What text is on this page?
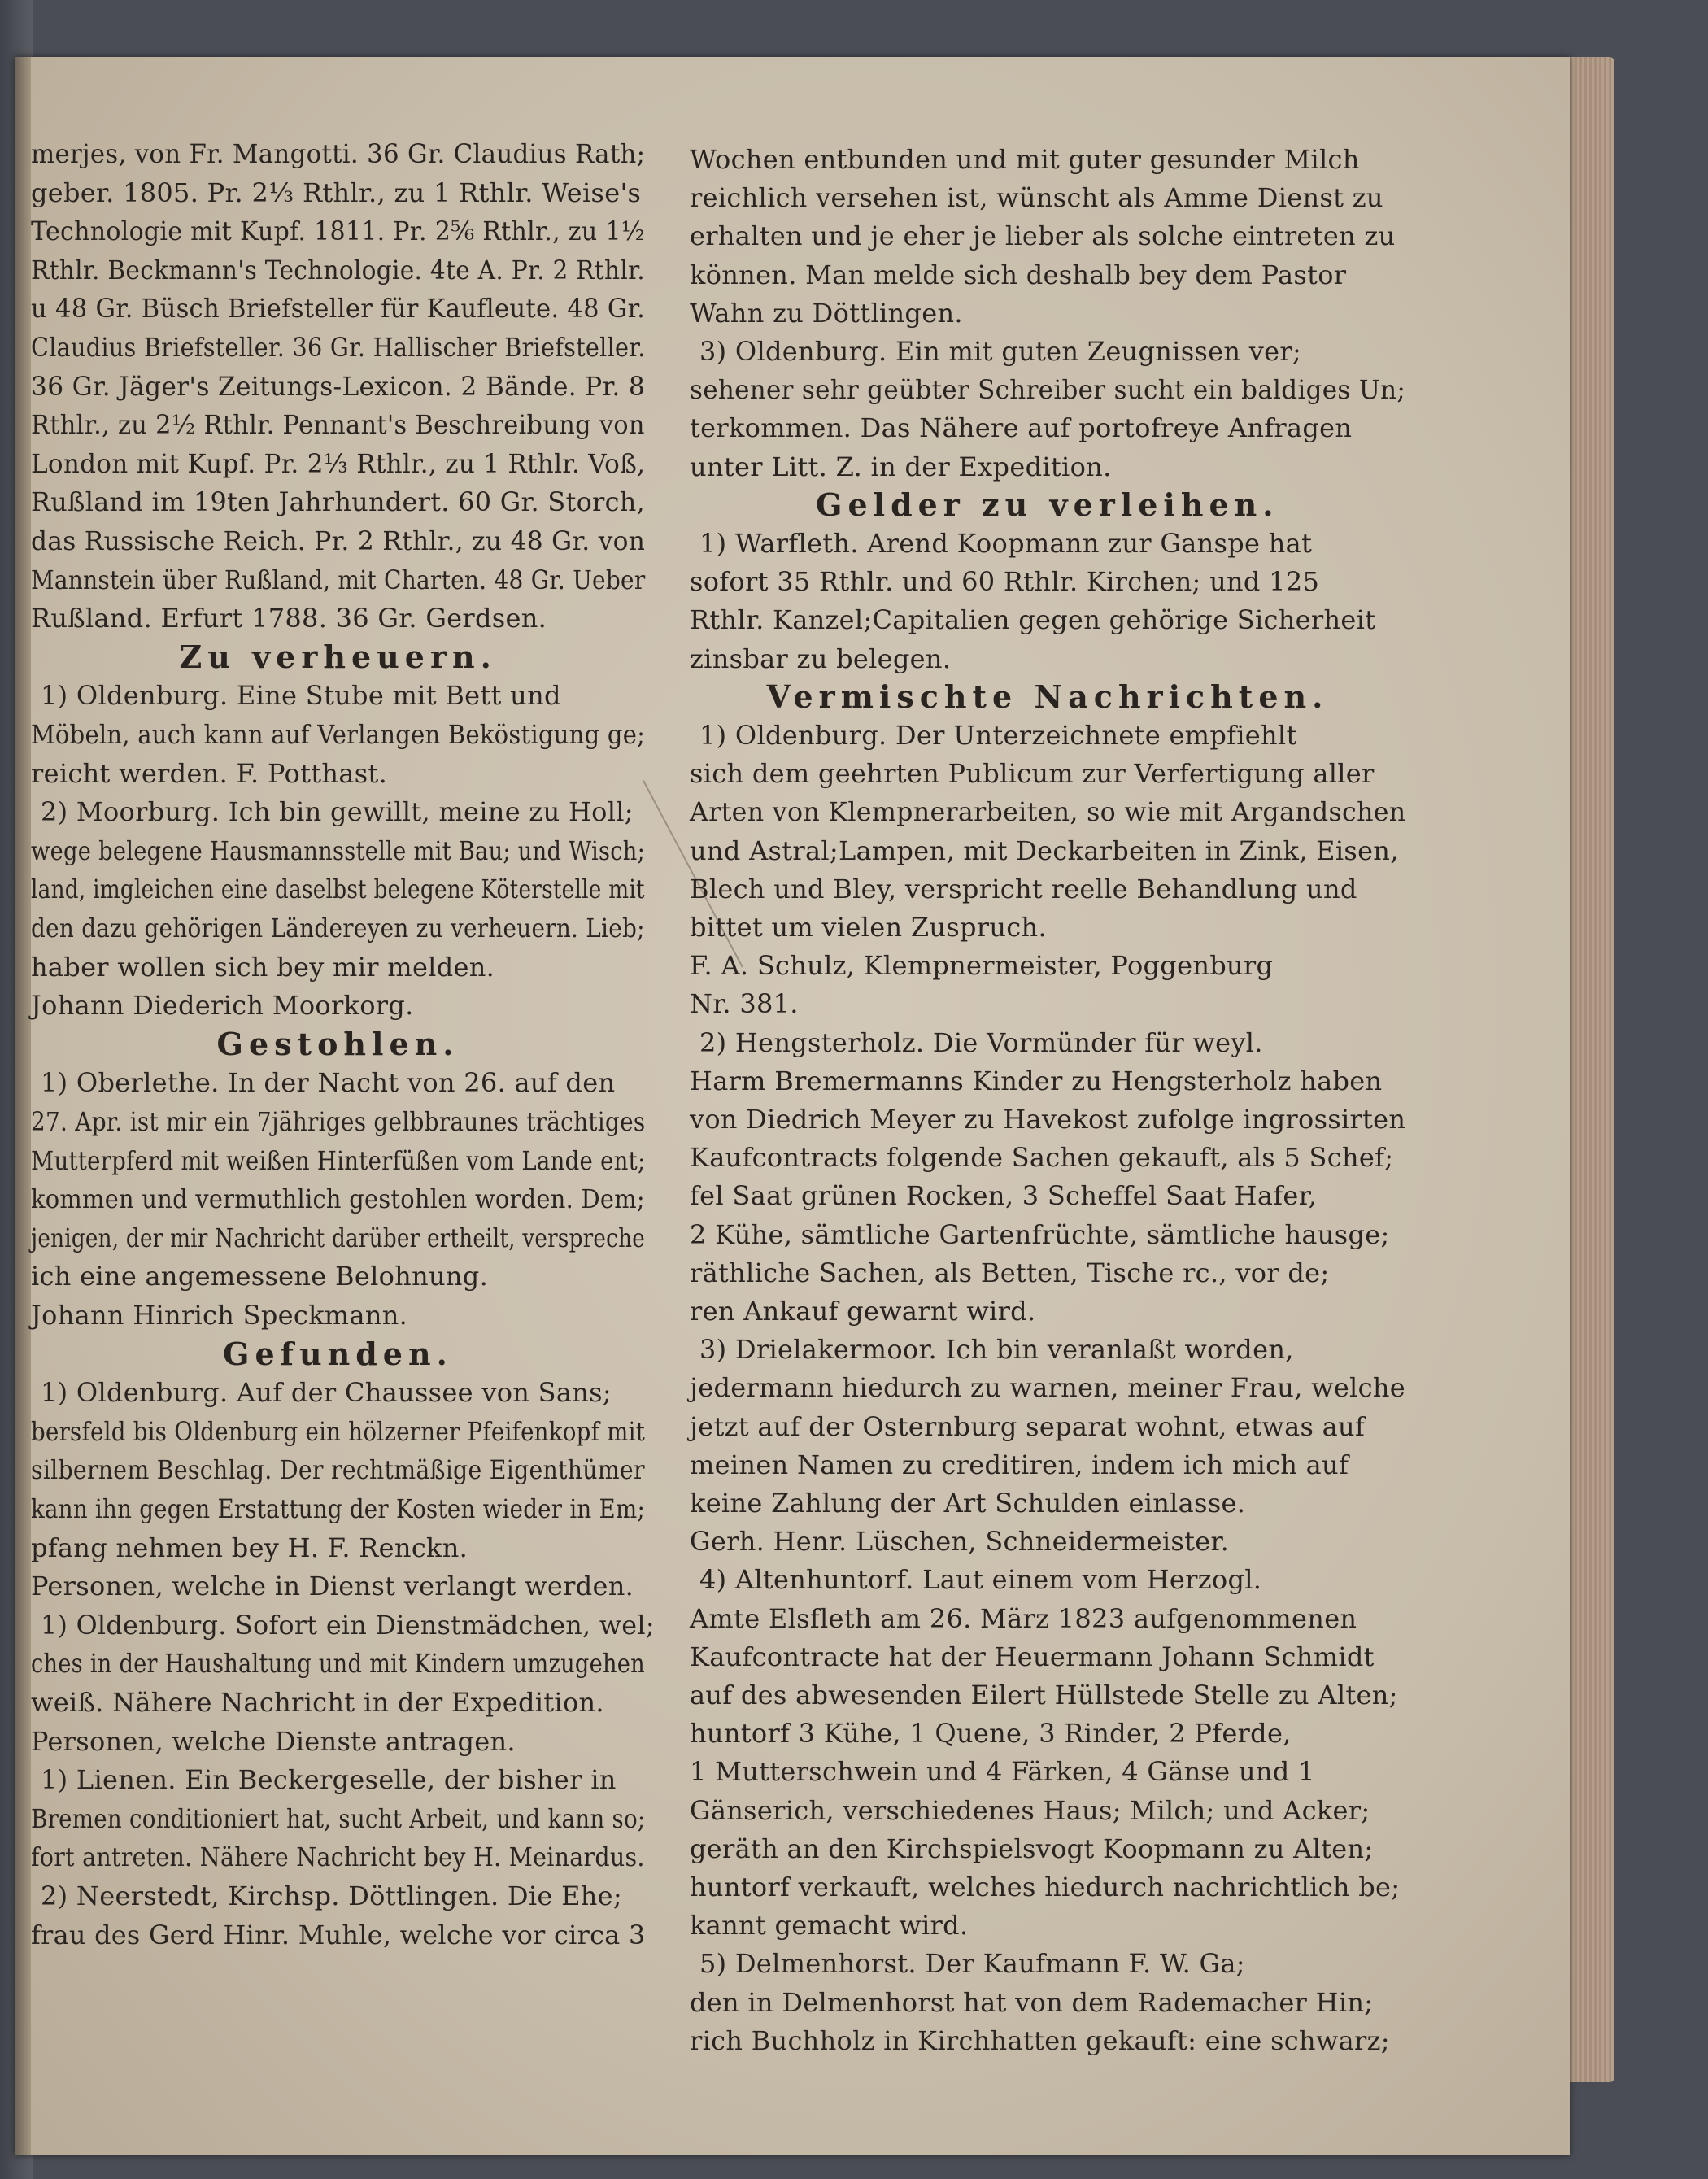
merjes, von Fr. Mangotti. 36 Gr. Claudius Rath;
geber. 1805. Pr. 2⅓ Rthlr., zu 1 Rthlr. Weise's
Technologie mit Kupf. 1811. Pr. 2⅚ Rthlr., zu 1½
Rthlr. Beckmann's Technologie. 4te A. Pr. 2 Rthlr.
u 48 Gr. Büsch Briefsteller für Kaufleute. 48 Gr.
Claudius Briefsteller. 36 Gr. Hallischer Briefsteller.
36 Gr. Jäger's Zeitungs-Lexicon. 2 Bände. Pr. 8
Rthlr., zu 2½ Rthlr. Pennant's Beschreibung von
London mit Kupf. Pr. 2⅓ Rthlr., zu 1 Rthlr. Voß,
Rußland im 19ten Jahrhundert. 60 Gr. Storch,
das Russische Reich. Pr. 2 Rthlr., zu 48 Gr. von
Mannstein über Rußland, mit Charten. 48 Gr. Ueber
Rußland. Erfurt 1788. 36 Gr. Gerdsen.
Zu verheuern.
1) Oldenburg. Eine Stube mit Bett und
Möbeln, auch kann auf Verlangen Beköstigung ge;
reicht werden. F. Potthast.
2) Moorburg. Ich bin gewillt, meine zu Holl;
wege belegene Hausmannsstelle mit Bau; und Wisch;
land, imgleichen eine daselbst belegene Köterstelle mit
den dazu gehörigen Ländereyen zu verheuern. Lieb;
haber wollen sich bey mir melden.
Johann Diederich Moorkorg.
Gestohlen.
1) Oberlethe. In der Nacht von 26. auf den
27. Apr. ist mir ein 7jähriges gelbbraunes trächtiges
Mutterpferd mit weißen Hinterfüßen vom Lande ent;
kommen und vermuthlich gestohlen worden. Dem;
jenigen, der mir Nachricht darüber ertheilt, verspreche
ich eine angemessene Belohnung.
Johann Hinrich Speckmann.
Gefunden.
1) Oldenburg. Auf der Chaussee von Sans;
bersfeld bis Oldenburg ein hölzerner Pfeifenkopf mit
silbernem Beschlag. Der rechtmäßige Eigenthümer
kann ihn gegen Erstattung der Kosten wieder in Em;
pfang nehmen bey H. F. Renckn.
Personen, welche in Dienst verlangt werden.
1) Oldenburg. Sofort ein Dienstmädchen, wel;
ches in der Haushaltung und mit Kindern umzugehen
weiß. Nähere Nachricht in der Expedition.
Personen, welche Dienste antragen.
1) Lienen. Ein Beckergeselle, der bisher in
Bremen conditioniert hat, sucht Arbeit, und kann so;
fort antreten. Nähere Nachricht bey H. Meinardus.
2) Neerstedt, Kirchsp. Döttlingen. Die Ehe;
frau des Gerd Hinr. Muhle, welche vor circa 3
Wochen entbunden und mit guter gesunder Milch
reichlich versehen ist, wünscht als Amme Dienst zu
erhalten und je eher je lieber als solche eintreten zu
können. Man melde sich deshalb bey dem Pastor
Wahn zu Döttlingen.
3) Oldenburg. Ein mit guten Zeugnissen ver;
sehener sehr geübter Schreiber sucht ein baldiges Un;
terkommen. Das Nähere auf portofreye Anfragen
unter Litt. Z. in der Expedition.
Gelder zu verleihen.
1) Warfleth. Arend Koopmann zur Ganspe hat
sofort 35 Rthlr. und 60 Rthlr. Kirchen; und 125
Rthlr. Kanzel;Capitalien gegen gehörige Sicherheit
zinsbar zu belegen.
Vermischte Nachrichten.
1) Oldenburg. Der Unterzeichnete empfiehlt
sich dem geehrten Publicum zur Verfertigung aller
Arten von Klempnerarbeiten, so wie mit Argandschen
und Astral;Lampen, mit Deckarbeiten in Zink, Eisen,
Blech und Bley, verspricht reelle Behandlung und
bittet um vielen Zuspruch.
F. A. Schulz, Klempnermeister, Poggenburg
Nr. 381.
2) Hengsterholz. Die Vormünder für weyl.
Harm Bremermanns Kinder zu Hengsterholz haben
von Diedrich Meyer zu Havekost zufolge ingrossirten
Kaufcontracts folgende Sachen gekauft, als 5 Schef;
fel Saat grünen Rocken, 3 Scheffel Saat Hafer,
2 Kühe, sämtliche Gartenfrüchte, sämtliche hausge;
räthliche Sachen, als Betten, Tische rc., vor de;
ren Ankauf gewarnt wird.
3) Drielakermoor. Ich bin veranlaßt worden,
jedermann hiedurch zu warnen, meiner Frau, welche
jetzt auf der Osternburg separat wohnt, etwas auf
meinen Namen zu creditiren, indem ich mich auf
keine Zahlung der Art Schulden einlasse.
Gerh. Henr. Lüschen, Schneidermeister.
4) Altenhuntorf. Laut einem vom Herzogl.
Amte Elsfleth am 26. März 1823 aufgenommenen
Kaufcontracte hat der Heuermann Johann Schmidt
auf des abwesenden Eilert Hüllstede Stelle zu Alten;
huntorf 3 Kühe, 1 Quene, 3 Rinder, 2 Pferde,
1 Mutterschwein und 4 Färken, 4 Gänse und 1
Gänserich, verschiedenes Haus; Milch; und Acker;
geräth an den Kirchspielsvogt Koopmann zu Alten;
huntorf verkauft, welches hiedurch nachrichtlich be;
kannt gemacht wird.
5) Delmenhorst. Der Kaufmann F. W. Ga;
den in Delmenhorst hat von dem Rademacher Hin;
rich Buchholz in Kirchhatten gekauft: eine schwarz;
